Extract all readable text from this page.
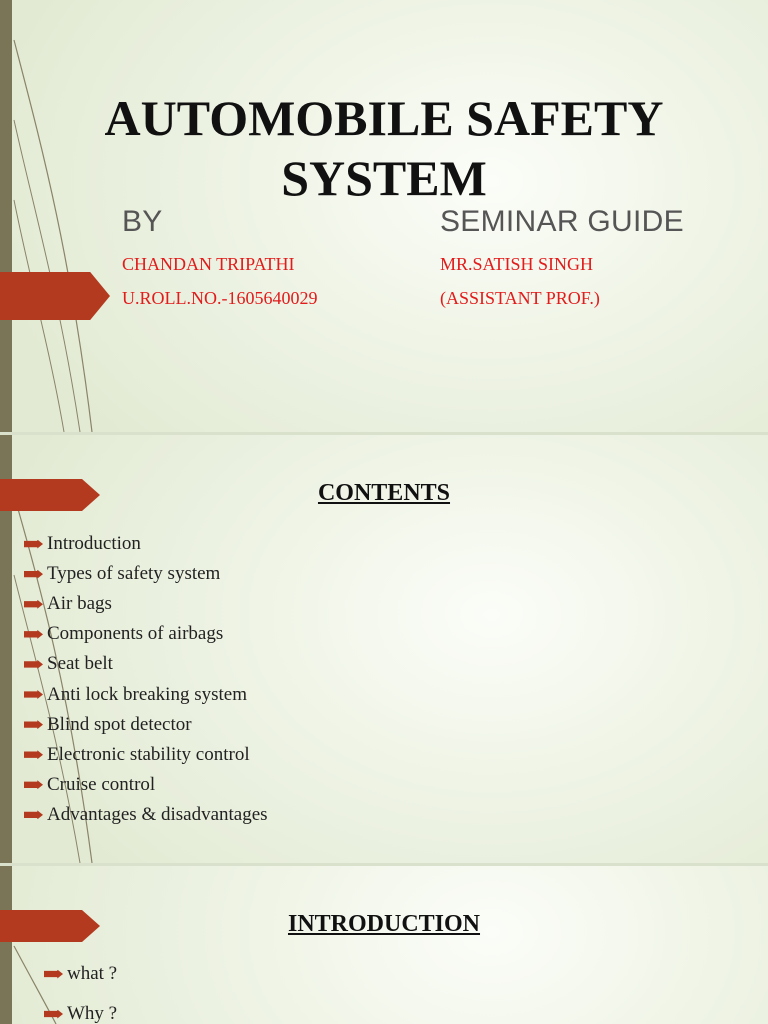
AUTOMOBILE SAFETY
SYSTEM
BY	SEMINAR GUIDE
CHANDAN TRIPATHI
U.ROLL.NO.-1605640029
MR.SATISH SINGH
(ASSISTANT PROF.)
CONTENTS
Introduction
Types of safety system
Air bags
Components of airbags
Seat belt
Anti lock breaking system
Blind spot detector
Electronic stability control
Cruise control
Advantages & disadvantages
INTRODUCTION
what ?
Why ?
